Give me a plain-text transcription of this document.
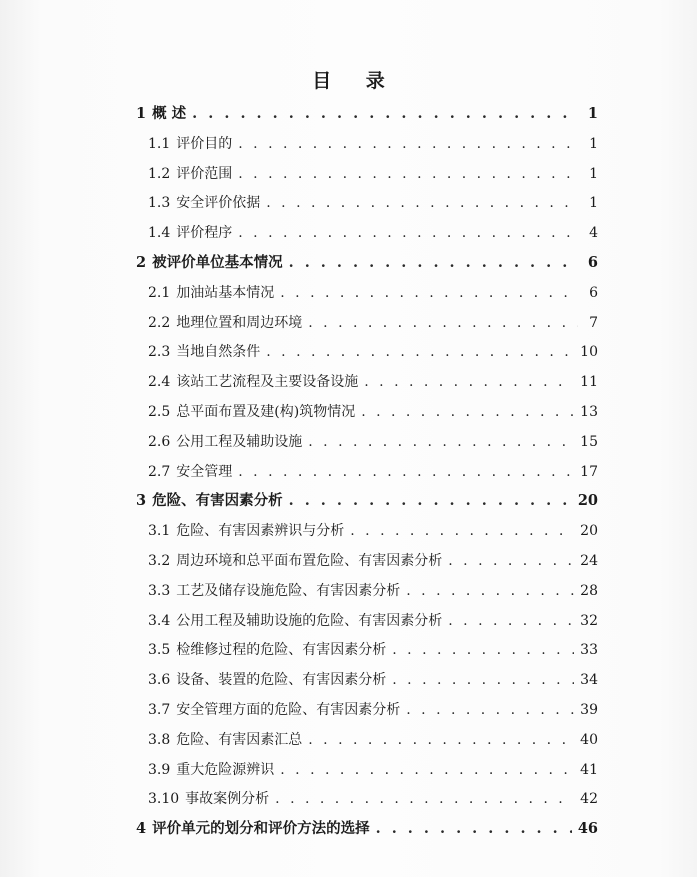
目 录
1 概 述 . . .	1
1.1 评价目的 . . .	1
1.2 评价范围 . . .	1
1.3 安全评价依据 . . .	1
1.4 评价程序 . . .	4
2 被评价单位基本情况 . . .	6
2.1 加油站基本情况 . . .	6
2.2 地理位置和周边环境 . . .	7
2.3 当地自然条件 . . .	10
2.4 该站工艺流程及主要设备设施 . . .	11
2.5 总平面布置及建(构)筑物情况 . . .	13
2.6 公用工程及辅助设施 . . .	15
2.7 安全管理 . . .	17
3 危险、有害因素分析 . . .	20
3.1 危险、有害因素辨识与分析 . . .	20
3.2 周边环境和总平面布置危险、有害因素分析 . . .	24
3.3 工艺及储存设施危险、有害因素分析 . . .	28
3.4 公用工程及辅助设施的危险、有害因素分析 . . .	32
3.5 检维修过程的危险、有害因素分析 . . .	33
3.6 设备、装置的危险、有害因素分析 . . .	34
3.7 安全管理方面的危险、有害因素分析 . . .	39
3.8 危险、有害因素汇总 . . .	40
3.9 重大危险源辨识 . . .	41
3.10 事故案例分析 . . .	42
4 评价单元的划分和评价方法的选择 . . .	46
